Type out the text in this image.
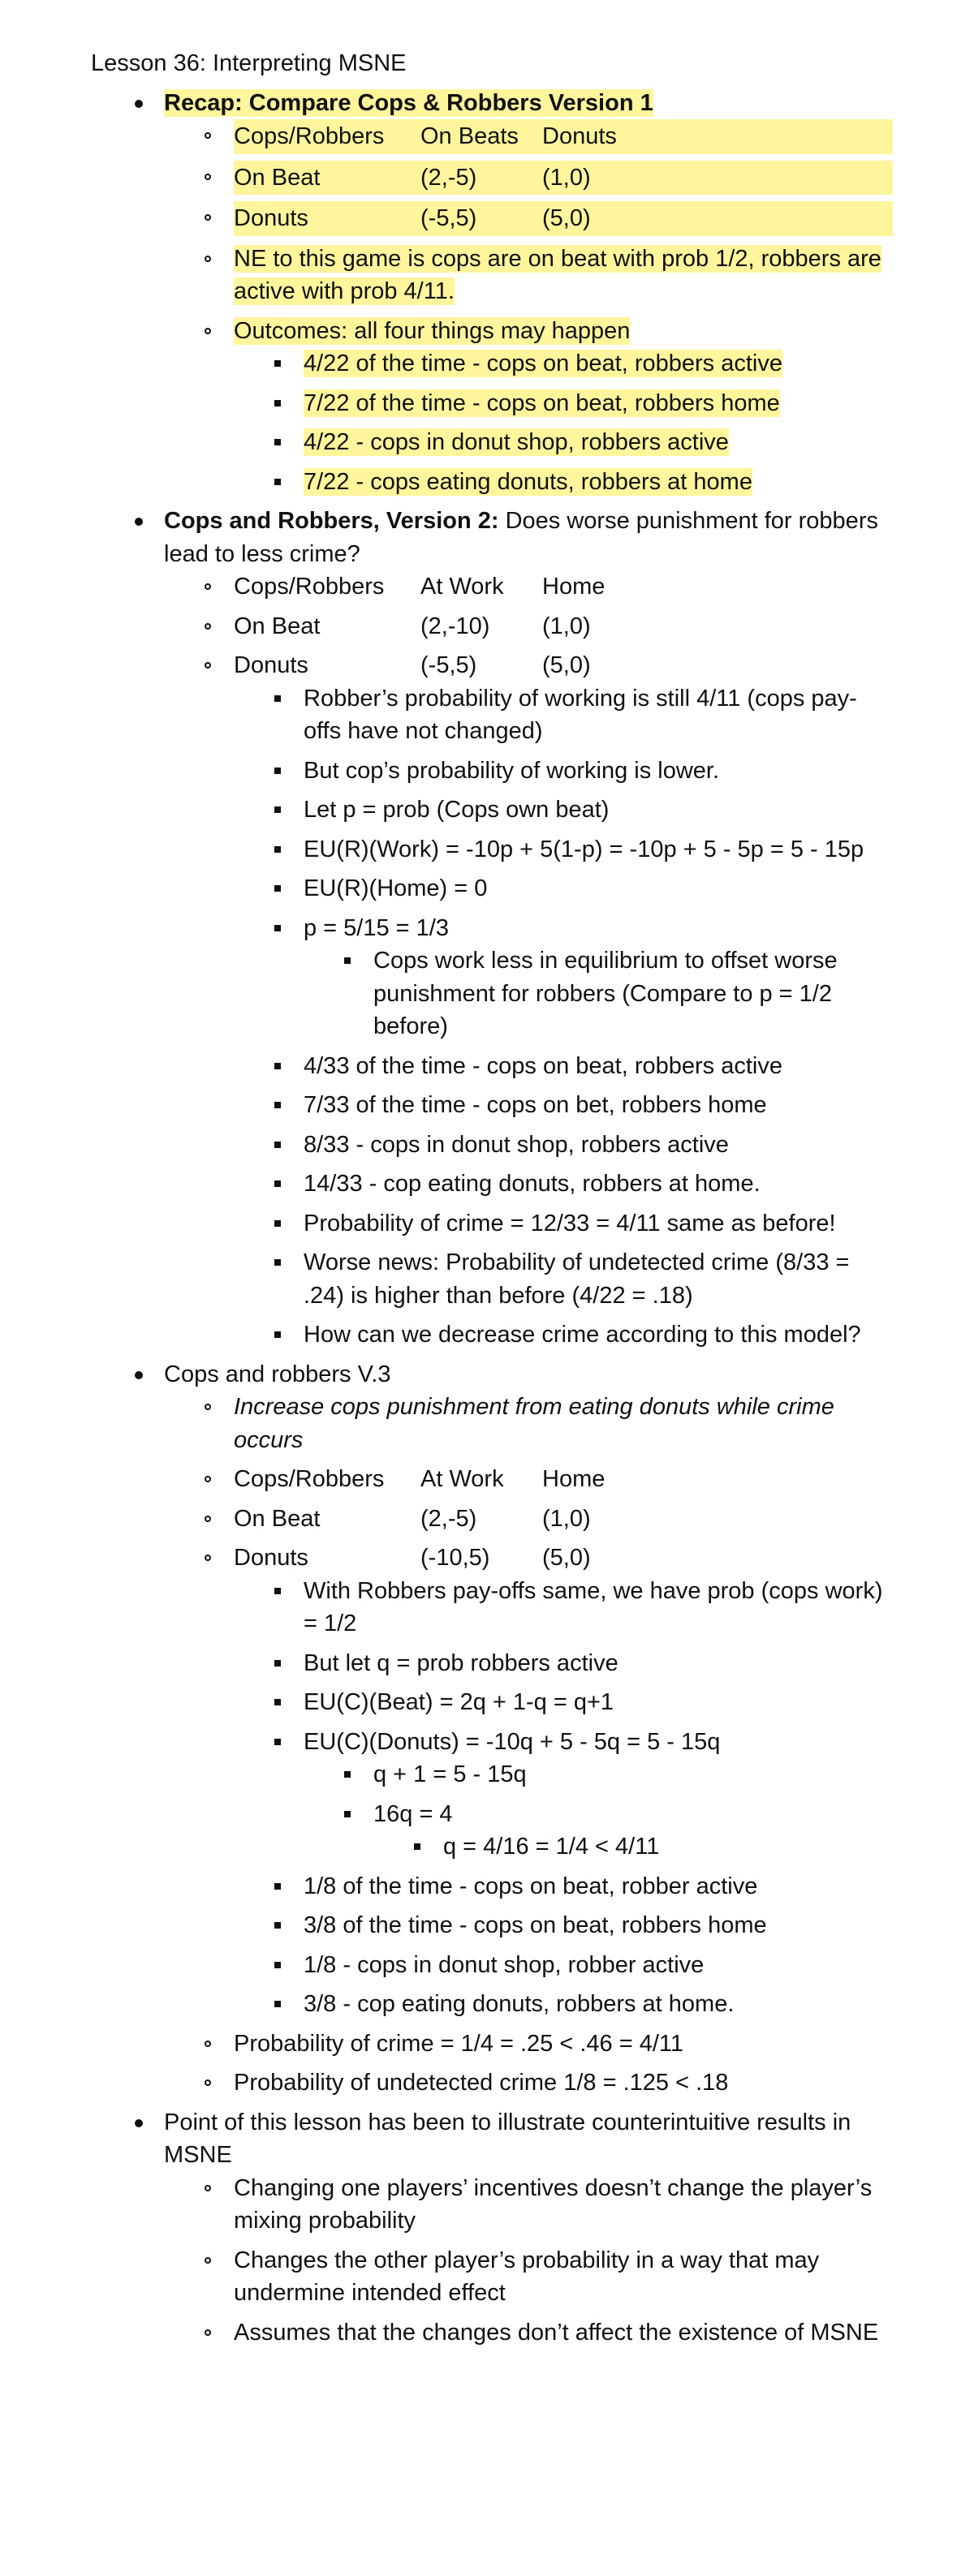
Lesson 36: Interpreting MSNE
Recap: Compare Cops & Robbers Version 1
Cops/Robbers	On Beats	Donuts
On Beat	(2,-5)	(1,0)
Donuts	(-5,5)	(5,0)
NE to this game is cops are on beat with prob 1/2, robbers are active with prob 4/11.
Outcomes: all four things may happen
4/22 of the time - cops on beat, robbers active
7/22 of the time - cops on beat, robbers home
4/22 - cops in donut shop, robbers active
7/22 - cops eating donuts, robbers at home
Cops and Robbers, Version 2: Does worse punishment for robbers lead to less crime?
Cops/Robbers	At Work	Home
On Beat	(2,-10)	(1,0)
Donuts	(-5,5)	(5,0)
Robber’s probability of working is still 4/11 (cops pay-offs have not changed)
But cop’s probability of working is lower.
Let p = prob (Cops own beat)
EU(R)(Work) = -10p + 5(1-p) = -10p + 5 - 5p = 5 - 15p
EU(R)(Home) = 0
p = 5/15 = 1/3
Cops work less in equilibrium to offset worse punishment for robbers (Compare to p = 1/2 before)
4/33 of the time - cops on beat, robbers active
7/33 of the time - cops on bet, robbers home
8/33 - cops in donut shop, robbers active
14/33 - cop eating donuts, robbers at home.
Probability of crime = 12/33 = 4/11 same as before!
Worse news: Probability of undetected crime (8/33 = .24) is higher than before (4/22 = .18)
How can we decrease crime according to this model?
Cops and robbers V.3
Increase cops punishment from eating donuts while crime occurs
Cops/Robbers	At Work	Home
On Beat	(2,-5)	(1,0)
Donuts	(-10,5)	(5,0)
With Robbers pay-offs same, we have prob (cops work) = 1/2
But let q = prob robbers active
EU(C)(Beat) = 2q + 1-q = q+1
EU(C)(Donuts) = -10q + 5 - 5q = 5 - 15q
q + 1 = 5 - 15q
16q = 4
q = 4/16 = 1/4 < 4/11
1/8 of the time - cops on beat, robber active
3/8 of the time - cops on beat, robbers home
1/8 - cops in donut shop, robber active
3/8 - cop eating donuts, robbers at home.
Probability of crime = 1/4 = .25 < .46 = 4/11
Probability of undetected crime 1/8 = .125 < .18
Point of this lesson has been to illustrate counterintuitive results in MSNE
Changing one players’ incentives doesn’t change the player’s mixing probability
Changes the other player’s probability in a way that may undermine intended effect
Assumes that the changes don’t affect the existence of MSNE
